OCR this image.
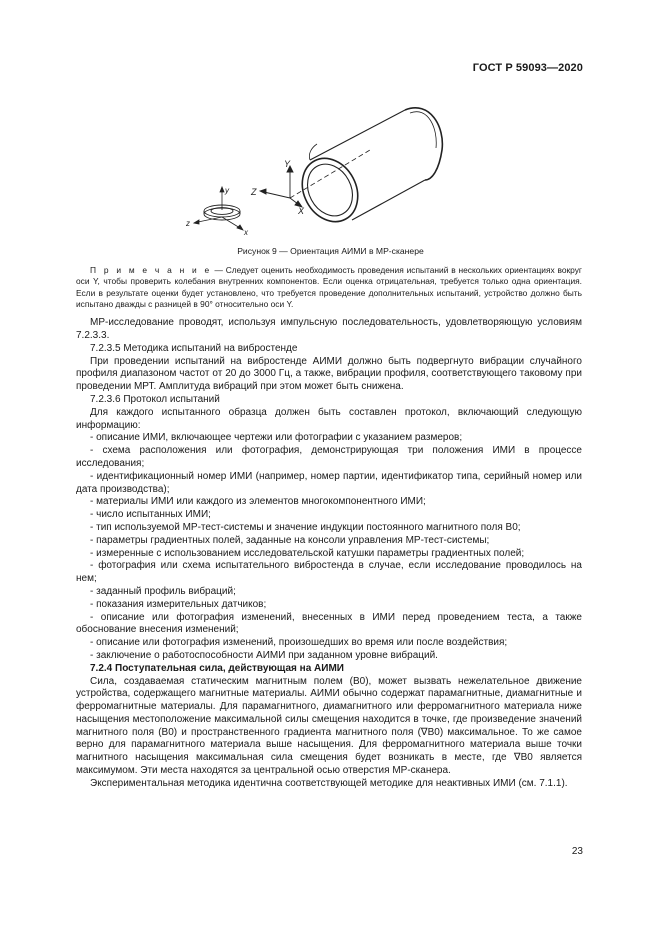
ГОСТ Р 59093—2020
Y
Z
X
y
z
x
Рисунок 9 — Ориентация АИМИ в МР-сканере

П р и м е ч а н и е — Следует оценить необходимость проведения испытаний в нескольких ориентациях вокруг оси Y, чтобы проверить колебания внутренних компонентов. Если оценка отрицательная, требуется только одна ориентация. Если в результате оценки будет установлено, что требуется проведение дополнительных испытаний, устройство должно быть испытано дважды с разницей в 90° относительно оси Y.

МР-исследование проводят, используя импульсную последовательность, удовлетворяющую условиям 7.2.3.3.

7.2.3.5 Методика испытаний на вибростенде

При проведении испытаний на вибростенде АИМИ должно быть подвергнуто вибрации случайного профиля диапазоном частот от 20 до 3000 Гц, а также, вибрации профиля, соответствующего таковому при проведении МРТ. Амплитуда вибраций при этом может быть снижена.

7.2.3.6 Протокол испытаний

Для каждого испытанного образца должен быть составлен протокол, включающий следующую информацию:

- описание ИМИ, включающее чертежи или фотографии с указанием размеров;

- схема расположения или фотография, демонстрирующая три положения ИМИ в процессе исследования;

- идентификационный номер ИМИ (например, номер партии, идентификатор типа, серийный номер или дата производства);

- материалы ИМИ или каждого из элементов многокомпонентного ИМИ;

- число испытанных ИМИ;

- тип используемой МР-тест-системы и значение индукции постоянного магнитного поля B0;

- параметры градиентных полей, заданные на консоли управления МР-тест-системы;

- измеренные с использованием исследовательской катушки параметры градиентных полей;

- фотография или схема испытательного вибростенда в случае, если исследование проводилось на нем;

- заданный профиль вибраций;

- показания измерительных датчиков;

- описание или фотография изменений, внесенных в ИМИ перед проведением теста, а также обоснование внесения изменений;

- описание или фотография изменений, произошедших во время или после воздействия;

- заключение о работоспособности АИМИ при заданном уровне вибраций.

7.2.4 Поступательная сила, действующая на АИМИ

Сила, создаваемая статическим магнитным полем (B0), может вызвать нежелательное движение устройства, содержащего магнитные материалы. АИМИ обычно содержат парамагнитные, диамагнитные и ферромагнитные материалы. Для парамагнитного, диамагнитного или ферромагнитного материала ниже насыщения местоположение максимальной силы смещения находится в точке, где произведение значений магнитного поля (B0) и пространственного градиента магнитного поля (∇B0) максимальное. То же самое верно для парамагнитного материала выше насыщения. Для ферромагнитного материала выше точки магнитного насыщения максимальная сила смещения будет возникать в месте, где ∇B0 является максимумом. Эти места находятся за центральной осью отверстия МР-сканера.

Экспериментальная методика идентична соответствующей методике для неактивных ИМИ (см. 7.1.1).

23
